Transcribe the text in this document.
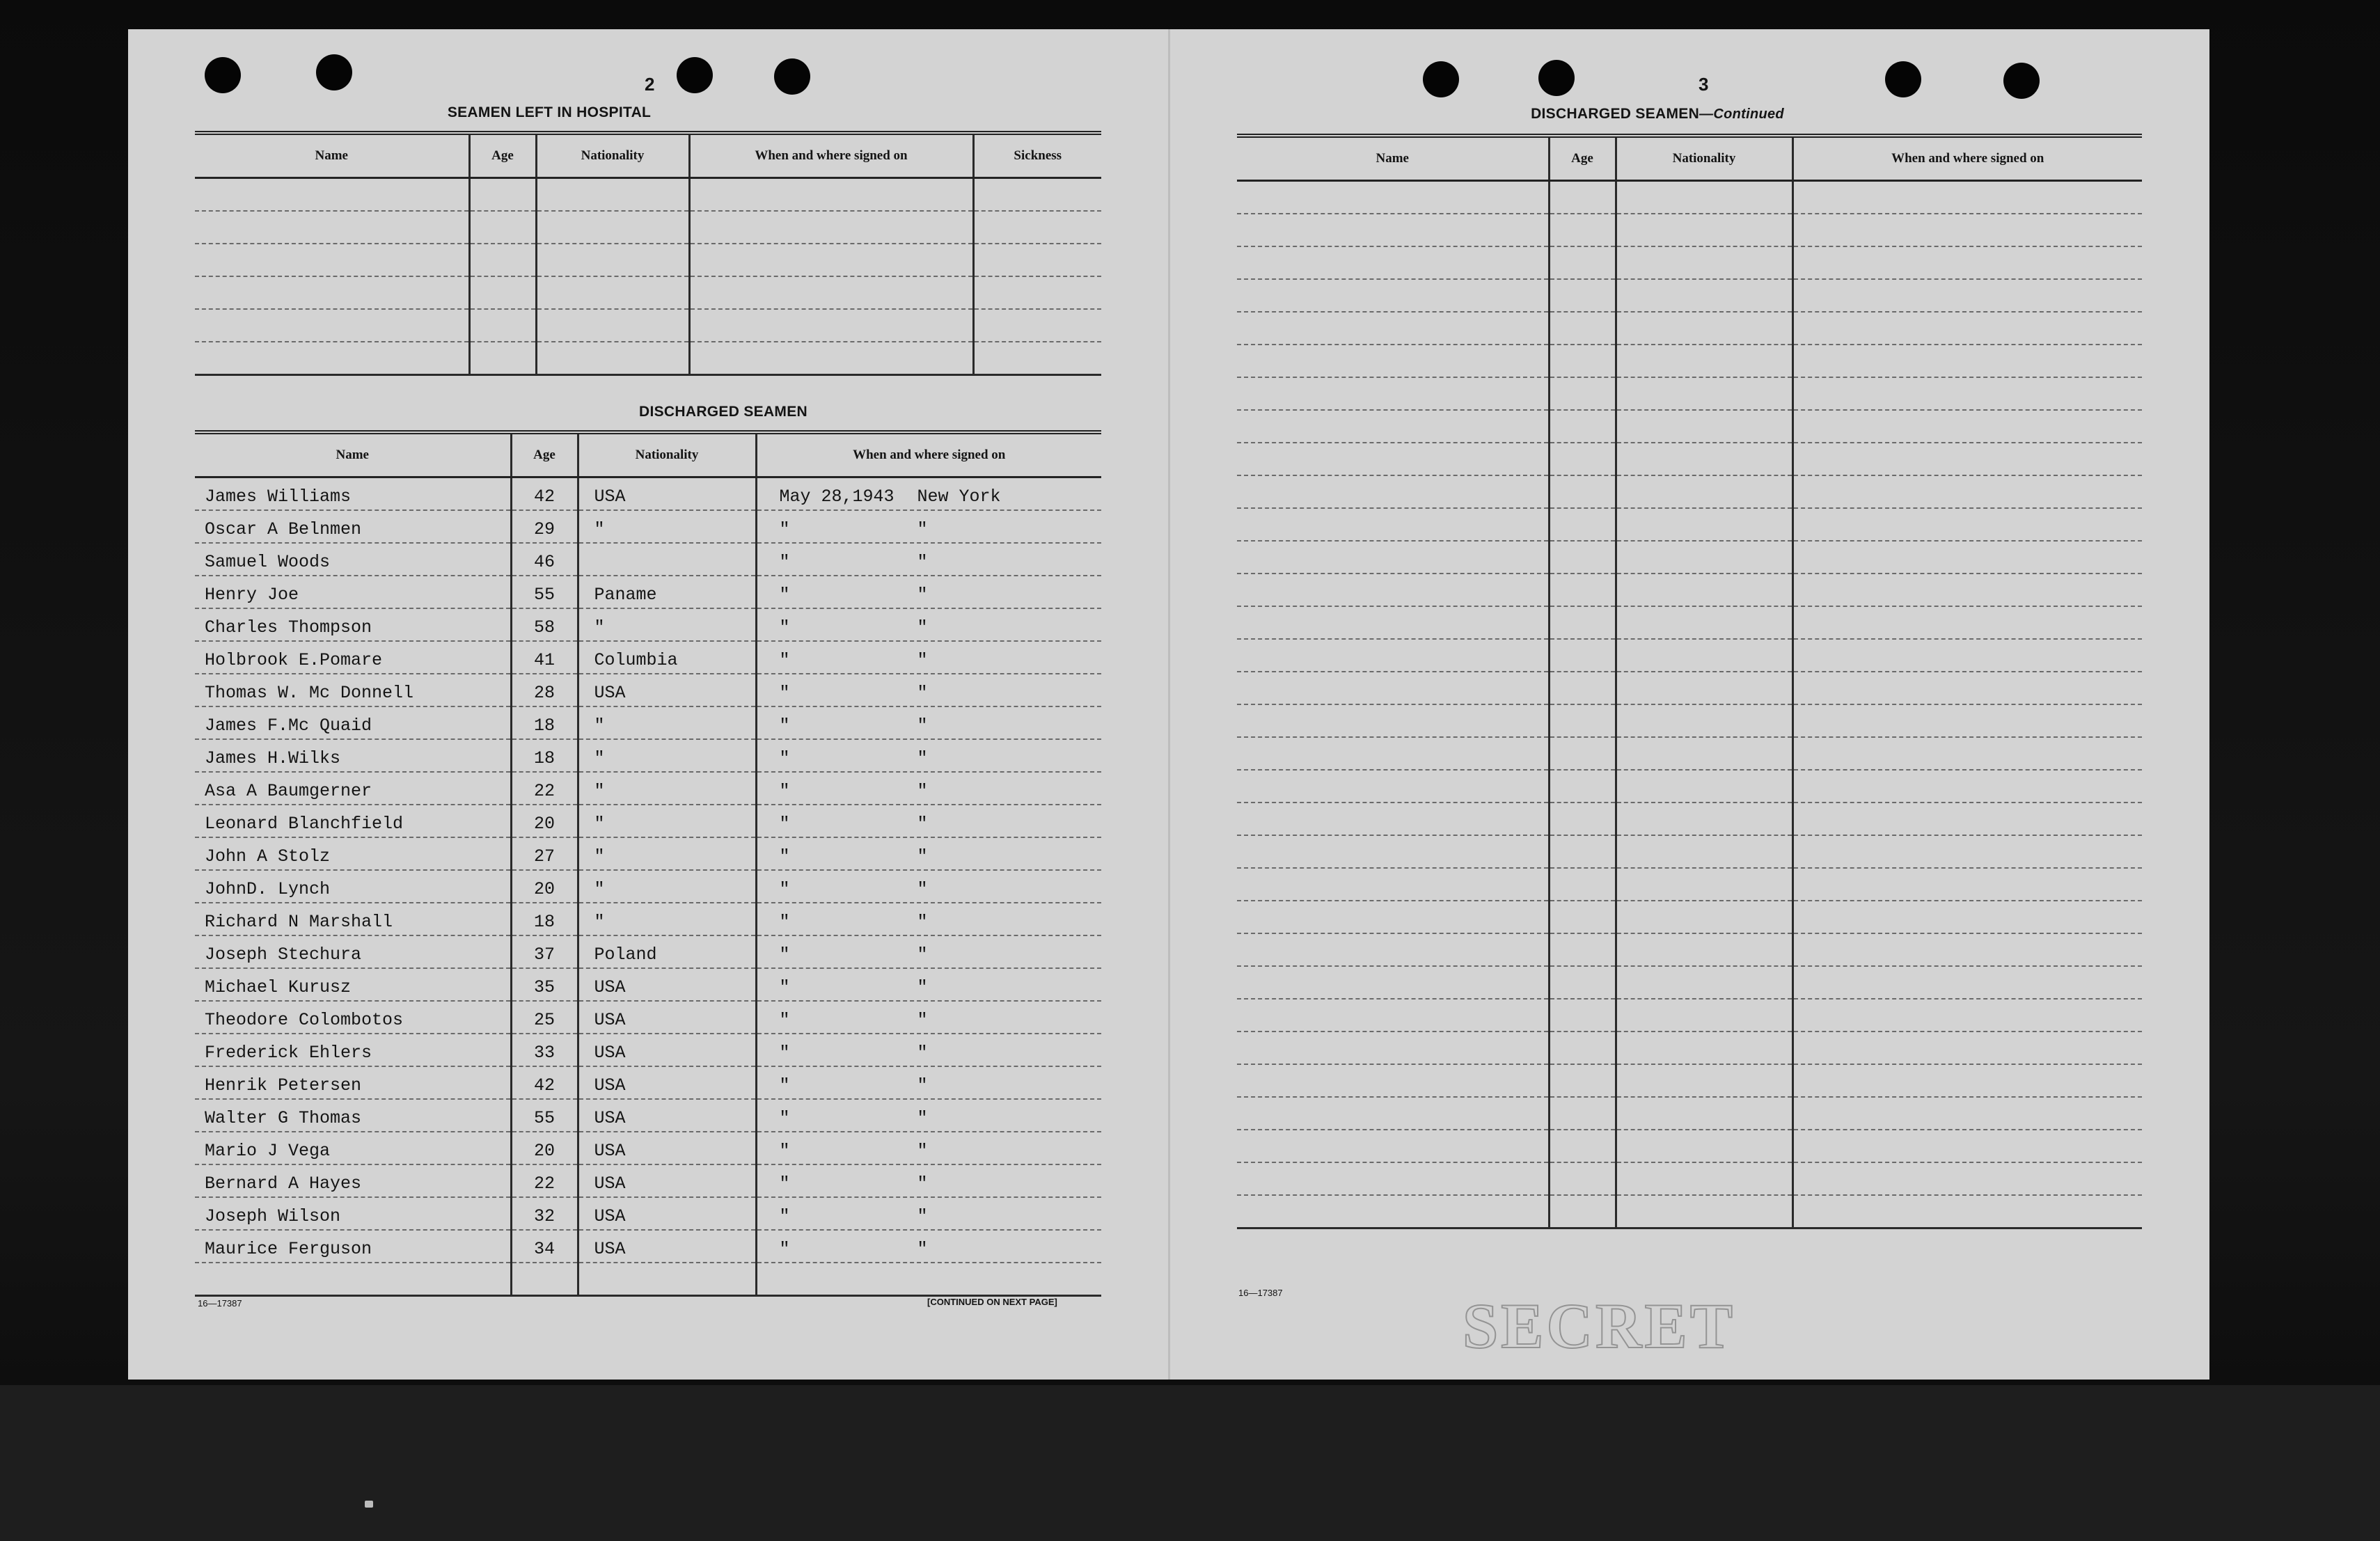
2
SEAMEN LEFT IN HOSPITAL
Name	Age	Nationality	When and where signed on	Sickness

DISCHARGED SEAMEN
Name	Age	Nationality	When and where signed on
James Williams	42	USA	May 28,1943 New York

Oscar A Belnmen	29	"	" "

Samuel Woods	46		" "

Henry Joe	55	Paname	" "

Charles Thompson	58	"	" "

Holbrook E.Pomare	41	Columbia	" "

Thomas W. Mc Donnell	28	USA	" "

James F.Mc Quaid	18	"	" "

James H.Wilks	18	"	" "

Asa A Baumgerner	22	"	" "

Leonard Blanchfield	20	"	" "

John A Stolz	27	"	" "

JohnD. Lynch	20	"	" "

Richard N Marshall	18	"	" "

Joseph Stechura	37	Poland	" "

Michael Kurusz	35	USA	" "

Theodore Colombotos	25	USA	" "

Frederick Ehlers	33	USA	" "

Henrik Petersen	42	USA	" "

Walter G Thomas	55	USA	" "

Mario J Vega	20	USA	" "

Bernard A Hayes	22	USA	" "

Joseph Wilson	32	USA	" "

Maurice Ferguson	34	USA	" "

16—17387	[CONTINUED ON NEXT PAGE]
3
DISCHARGED SEAMEN—Continued
Name	Age	Nationality	When and where signed on

16—17387	SECRET
